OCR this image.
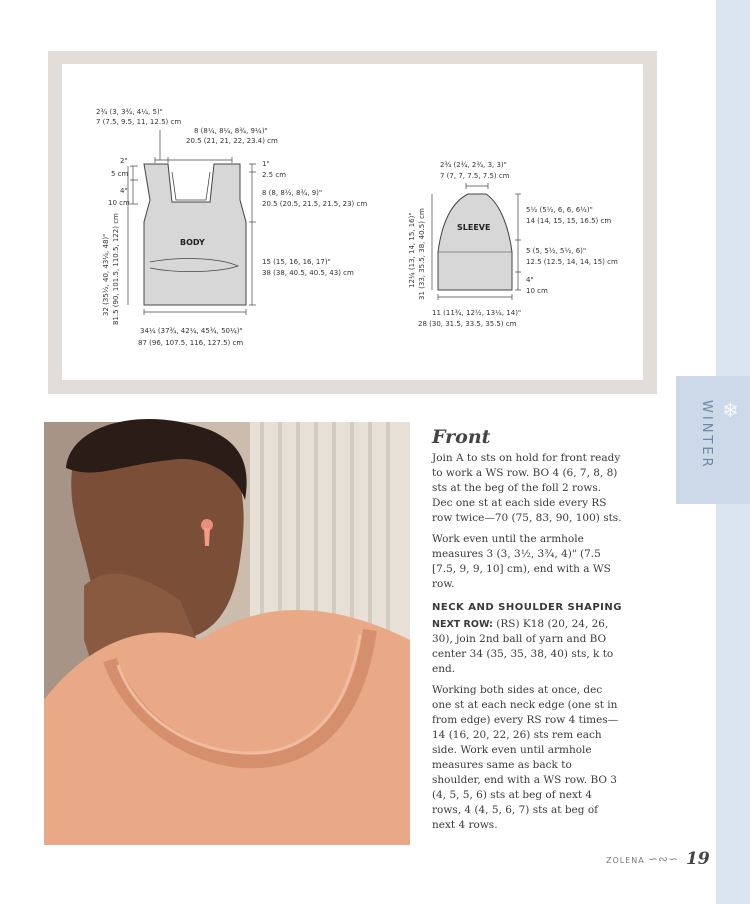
❄
WINTER
2¾ (3, 3¾, 4¼, 5)"
7 (7.5, 9.5, 11, 12.5) cm
8 (8¼, 8¼, 8¾, 9¼)"
20.5 (21, 21, 22, 23.4) cm
2"
5 cm
4"
10 cm
1"
2.5 cm
8 (8, 8½, 8¾, 9)"
20.5 (20.5, 21.5, 21.5, 23) cm
15 (15, 16, 16, 17)"
38 (38, 40.5, 40.5, 43) cm
32 (35½, 40, 43¼, 48)" 81.5 (90, 101.5, 110.5, 122) cm
34¼ (37¾, 42¼, 45¾, 50¼)"
87 (96, 107.5, 116, 127.5) cm
BODY
2¾ (2¾, 2¾, 3, 3)"
7 (7, 7, 7.5, 7.5) cm
5½ (5½, 6, 6, 6½)"
14 (14, 15, 15, 16.5) cm
5 (5, 5½, 5½, 6)"
12.5 (12.5, 14, 14, 15) cm
4"
10 cm
12¼ (13, 14, 15, 16)" 31 (33, 35.5, 38, 40.5) cm
11 (11¾, 12½, 13¼, 14)"
28 (30, 31.5, 33.5, 35.5) cm
SLEEVE
Front

Join A to sts on hold for front ready to work a WS row. BO 4 (6, 7, 8, 8) sts at the beg of the foll 2 rows. Dec one st at each side every RS row twice—70 (75, 83, 90, 100) sts.

Work even until the armhole measures 3 (3, 3½, 3¾, 4)" (7.5 [7.5, 9, 9, 10] cm), end with a WS row.

NECK AND SHOULDER SHAPING

NEXT ROW: (RS) K18 (20, 24, 26, 30), join 2nd ball of yarn and BO center 34 (35, 35, 38, 40) sts, k to end.

Working both sides at once, dec one st at each neck edge (one st in from edge) every RS row 4 times—14 (16, 20, 22, 26) sts rem each side. Work even until armhole measures same as back to shoulder, end with a WS row. BO 3 (4, 5, 5, 6) sts at beg of next 4 rows, 4 (4, 5, 6, 7) sts at beg of next 4 rows.

ZOLENA ∽∾∽ 19
